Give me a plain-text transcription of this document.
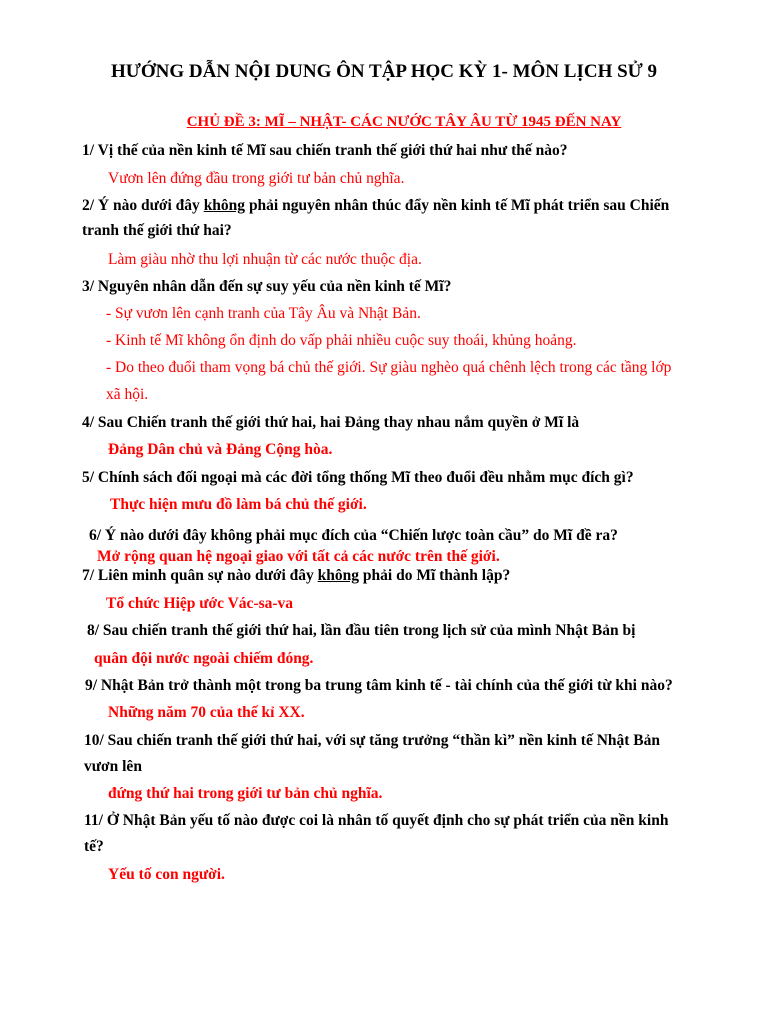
HƯỚNG DẪN NỘI DUNG ÔN TẬP HỌC KỲ 1- MÔN LỊCH SỬ 9
CHỦ ĐỀ 3: MĨ – NHẬT- CÁC NƯỚC TÂY ÂU TỪ 1945 ĐẾN NAY
1/ Vị thế của nền kinh tế Mĩ sau chiến tranh thế giới thứ hai như thế nào?
Vươn lên đứng đầu trong giới tư bản chủ nghĩa.
2/ Ý nào dưới đây không phải nguyên nhân thúc đẩy nền kinh tế Mĩ phát triển sau Chiến
tranh thế giới thứ hai?
Làm giàu nhờ thu lợi nhuận từ các nước thuộc địa.
3/ Nguyên nhân dẫn đến sự suy yếu của nền kinh tế Mĩ?
- Sự vươn lên cạnh tranh của Tây Âu và Nhật Bản.
- Kinh tế Mĩ không ổn định do vấp phải nhiều cuộc suy thoái, khủng hoảng.
- Do theo đuổi tham vọng bá chủ thế giới. Sự giàu nghèo quá chênh lệch trong các tầng lớp
xã hội.
4/ Sau Chiến tranh thế giới thứ hai, hai Đảng thay nhau nắm quyền ở Mĩ là
Đảng Dân chủ và Đảng Cộng hòa.
5/ Chính sách đối ngoại mà các đời tổng thống Mĩ theo đuổi đều nhằm mục đích gì?
Thực hiện mưu đồ làm bá chủ thế giới.
6/ Ý nào dưới đây không phải mục đích của “Chiến lược toàn cầu” do Mĩ đề ra?
Mở rộng quan hệ ngoại giao với tất cả các nước trên thế giới.
7/ Liên minh quân sự nào dưới đây không phải do Mĩ thành lập?
Tổ chức Hiệp ước Vác-sa-va
8/ Sau chiến tranh thế giới thứ hai, lần đầu tiên trong lịch sử của mình Nhật Bản bị
quân đội nước ngoài chiếm đóng.
9/ Nhật Bản trở thành một trong ba trung tâm kinh tế - tài chính của thế giới từ khi nào?
Những năm 70 của thế kỉ XX.
10/ Sau chiến tranh thế giới thứ hai, với sự tăng trưởng “thần kì” nền kinh tế Nhật Bản
vươn lên
đứng thứ hai trong giới tư bản chủ nghĩa.
11/ Ở Nhật Bản yếu tố nào được coi là nhân tố quyết định cho sự phát triển của nền kinh
tế?
Yếu tố con người.
